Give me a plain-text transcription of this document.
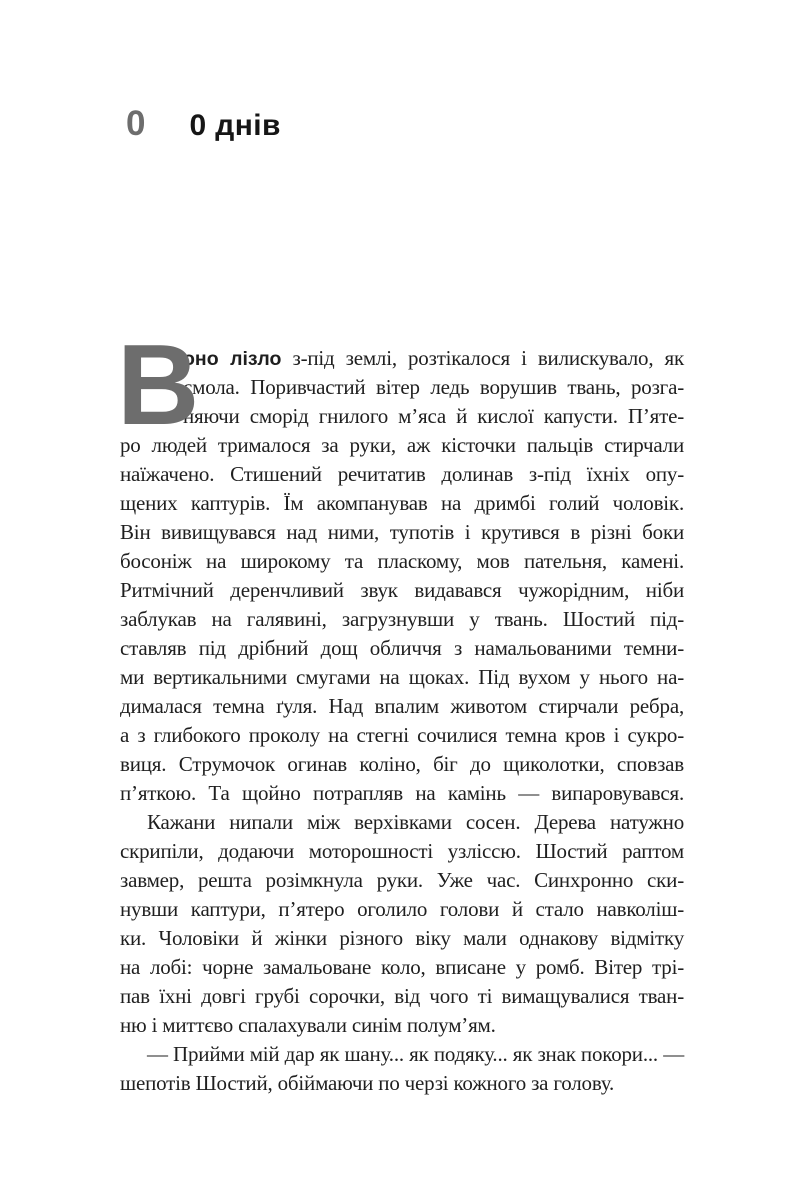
0 0 днів
В
оно лізло з-під землі, розтікалося і вилискувало, як
смола. Поривчастий вітер ледь ворушив твань, розга-
няючи сморід гнилого м’яса й кислої капусти. П’яте-
ро людей трималося за руки, аж кісточки пальців стирчали
наїжачено. Стишений речитатив долинав з-під їхніх опу-
щених каптурів. Їм акомпанував на дримбі голий чоловік.
Він вивищувався над ними, тупотів і крутився в різні боки
босоніж на широкому та пласкому, мов пательня, камені.
Ритмічний деренчливий звук видавався чужорідним, ніби
заблукав на галявині, загрузнувши у твань. Шостий під-
ставляв під дрібний дощ обличчя з намальованими темни-
ми вертикальними смугами на щоках. Під вухом у нього на-
дималася темна ґуля. Над впалим животом стирчали ребра,
а з глибокого проколу на стегні сочилися темна кров і сукро-
виця. Струмочок огинав коліно, біг до щиколотки, сповзав
п’яткою. Та щойно потрапляв на камінь — випаровувався.
Кажани нипали між верхівками сосен. Дерева натужно
скрипіли, додаючи моторошності узліссю. Шостий раптом
завмер, решта розімкнула руки. Уже час. Синхронно ски-
нувши каптури, п’ятеро оголило голови й стало навколіш-
ки. Чоловіки й жінки різного віку мали однакову відмітку
на лобі: чорне замальоване коло, вписане у ромб. Вітер трі-
пав їхні довгі грубі сорочки, від чого ті вимащувалися тван-
ню і миттєво спалахували синім полум’ям.
— Прийми мій дар як шану... як подяку... як знак покори... —
шепотів Шостий, обіймаючи по черзі кожного за голову.
